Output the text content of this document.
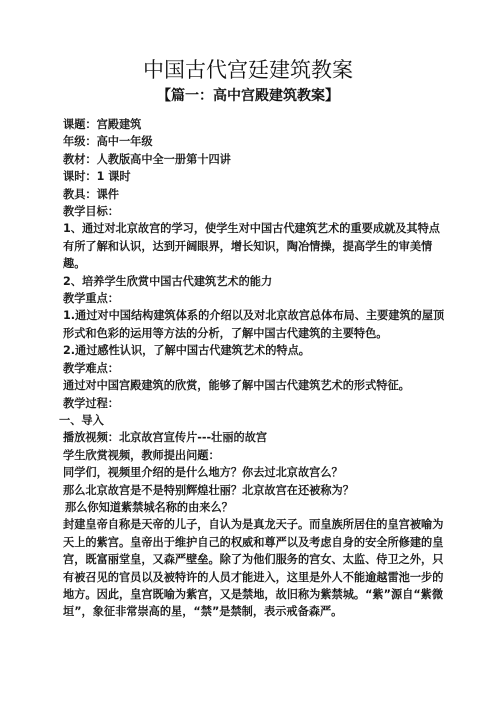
中国古代宫廷建筑教案
【篇一：高中宫殿建筑教案】

课题：宫殿建筑

年级：高中一年级

教材：人教版高中全一册第十四讲

课时：1 课时

教具：课件

教学目标：

1、通过对北京故宫的学习，使学生对中国古代建筑艺术的重要成就及其特点有所了解和认识，达到开阔眼界，增长知识，陶冶情操，提高学生的审美情趣。

2、培养学生欣赏中国古代建筑艺术的能力

教学重点：

1.通过对中国结构建筑体系的介绍以及对北京故宫总体布局、主要建筑的屋顶形式和色彩的运用等方法的分析，了解中国古代建筑的主要特色。

2.通过感性认识，了解中国古代建筑艺术的特点。

教学难点：

通过对中国宫殿建筑的欣赏，能够了解中国古代建筑艺术的形式特征。

教学过程：

一、导入

播放视频：北京故宫宣传片---壮丽的故宫

学生欣赏视频，教师提出问题：

同学们，视频里介绍的是什么地方？你去过北京故宫么？

那么北京故宫是不是特别辉煌壮丽？北京故宫在还被称为？

那么你知道紫禁城名称的由来么？

封建皇帝自称是天帝的儿子，自认为是真龙天子。而皇族所居住的皇宫被喻为天上的紫宫。皇帝出于维护自己的权威和尊严以及考虑自身的安全所修建的皇宫，既富丽堂皇，又森严壁垒。除了为他们服务的宫女、太监、侍卫之外，只有被召见的官员以及被特许的人员才能进入，这里是外人不能逾越雷池一步的地方。因此，皇宫既喻为紫宫，又是禁地，故旧称为紫禁城。“紫”源自“紫微垣”，象征非常崇高的星，“禁”是禁制，表示戒备森严。
